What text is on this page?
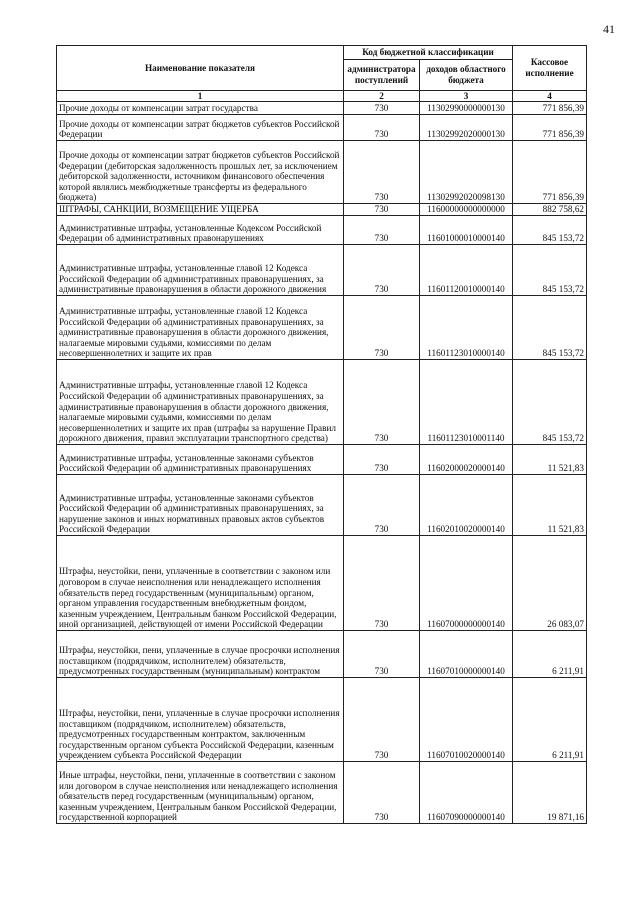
41
Наименование показателя	Код бюджетной классификации		Кассовое исполнение
	администратора поступлений	доходов областного бюджета	
1	2	3	4
Прочие доходы от компенсации затрат государства	730	11302990000000130	771 856,39
Прочие доходы от компенсации затрат бюджетов субъектов Российской Федерации	730	11302992020000130	771 856,39
Прочие доходы от компенсации затрат бюджетов субъектов Российской Федерации (дебиторская задолженность прошлых лет, за исключением дебиторской задолженности, источником финансового обеспечения которой являлись межбюджетные трансферты из федерального бюджета)	730	11302992020098130	771 856,39
ШТРАФЫ, САНКЦИИ, ВОЗМЕЩЕНИЕ УЩЕРБА	730	11600000000000000	882 758,62
Административные штрафы, установленные Кодексом Российской Федерации об административных правонарушениях	730	11601000010000140	845 153,72
Административные штрафы, установленные главой 12 Кодекса Российской Федерации об административных правонарушениях, за административные правонарушения в области дорожного движения	730	11601120010000140	845 153,72
Административные штрафы, установленные главой 12 Кодекса Российской Федерации об административных правонарушениях, за административные правонарушения в области дорожного движения, налагаемые мировыми судьями, комиссиями по делам несовершеннолетних и защите их прав	730	11601123010000140	845 153,72
Административные штрафы, установленные главой 12 Кодекса Российской Федерации об административных правонарушениях, за административные правонарушения в области дорожного движения, налагаемые мировыми судьями, комиссиями по делам несовершеннолетних и защите их прав (штрафы за нарушение Правил дорожного движения, правил эксплуатации транспортного средства)	730	11601123010001140	845 153,72
Административные штрафы, установленные законами субъектов Российской Федерации об административных правонарушениях	730	11602000020000140	11 521,83
Административные штрафы, установленные законами субъектов Российской Федерации об административных правонарушениях, за нарушение законов и иных нормативных правовых актов субъектов Российской Федерации	730	11602010020000140	11 521,83
Штрафы, неустойки, пени, уплаченные в соответствии с законом или договором в случае неисполнения или ненадлежащего исполнения обязательств перед государственным (муниципальным) органом, органом управления государственным внебюджетным фондом, казенным учреждением, Центральным банком Российской Федерации, иной организацией, действующей от имени Российской Федерации	730	11607000000000140	26 083,07
Штрафы, неустойки, пени, уплаченные в случае просрочки исполнения поставщиком (подрядчиком, исполнителем) обязательств, предусмотренных государственным (муниципальным) контрактом	730	11607010000000140	6 211,91
Штрафы, неустойки, пени, уплаченные в случае просрочки исполнения поставщиком (подрядчиком, исполнителем) обязательств, предусмотренных государственным контрактом, заключенным государственным органом субъекта Российской Федерации, казенным учреждением субъекта Российской Федерации	730	11607010020000140	6 211,91
Иные штрафы, неустойки, пени, уплаченные в соответствии с законом или договором в случае неисполнения или ненадлежащего исполнения обязательств перед государственным (муниципальным) органом, казенным учреждением, Центральным банком Российской Федерации, государственной корпорацией	730	11607090000000140	19 871,16
